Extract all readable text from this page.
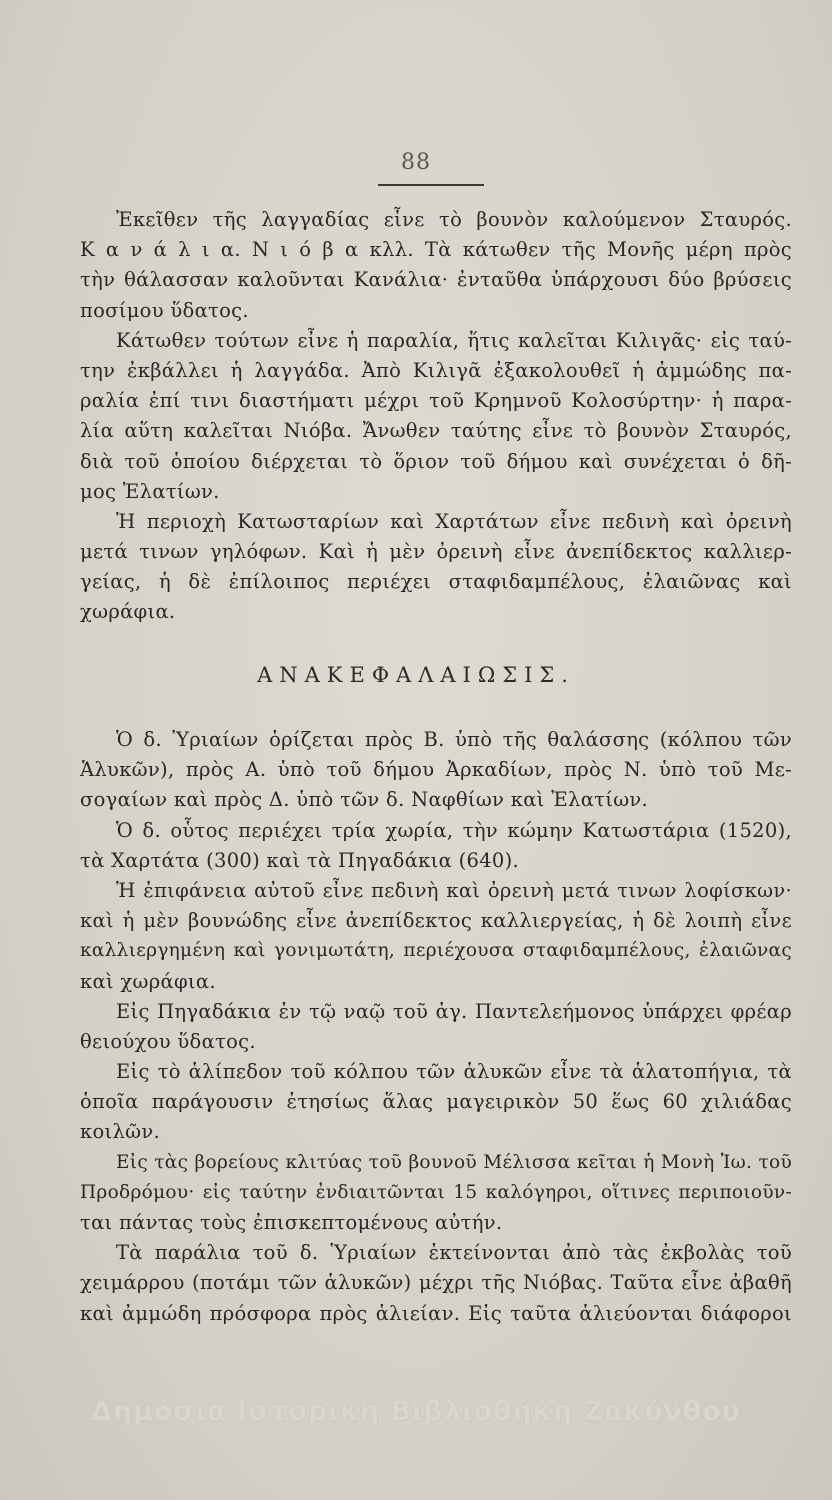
88
Ἐκεῖθεν τῆς λαγγαδίας εἶνε τὸ βουνὸν καλούμενον Σταυρός.
Κ α ν ά λ ι α. Ν ι ό β α κλλ. Τὰ κάτωθεν τῆς Μονῆς μέρη πρὸς
τὴν θάλασσαν καλοῦνται Κανάλια· ἐνταῦθα ὑπάρχουσι δύο βρύσεις
ποσίμου ὕδατος.
Κάτωθεν τούτων εἶνε ἡ παραλία, ἥτις καλεῖται Κιλιγᾶς· εἰς ταύ-
την ἐκβάλλει ἡ λαγγάδα. Ἀπὸ Κιλιγᾶ ἐξακολουθεῖ ἡ ἀμμώδης πα-
ραλία ἐπί τινι διαστήματι μέχρι τοῦ Κρημνοῦ Κολοσύρτην· ἡ παρα-
λία αὕτη καλεῖται Νιόβα. Ἄνωθεν ταύτης εἶνε τὸ βουνὸν Σταυρός,
διὰ τοῦ ὁποίου διέρχεται τὸ ὅριον τοῦ δήμου καὶ συνέχεται ὁ δῆ-
μος Ἐλατίων.
Ἡ περιοχὴ Κατωσταρίων καὶ Χαρτάτων εἶνε πεδινὴ καὶ ὀρεινὴ
μετά τινων γηλόφων. Καὶ ἡ μὲν ὀρεινὴ εἶνε ἀνεπίδεκτος καλλιερ-
γείας, ἡ δὲ ἐπίλοιπος περιέχει σταφιδαμπέλους, ἐλαιῶνας καὶ
χωράφια.
ΑΝΑΚΕΦΑΛΑΙΩΣΙΣ.
Ὁ δ. Ὑριαίων ὁρίζεται πρὸς Β. ὑπὸ τῆς θαλάσσης (κόλπου τῶν
Ἁλυκῶν), πρὸς Α. ὑπὸ τοῦ δήμου Ἀρκαδίων, πρὸς Ν. ὑπὸ τοῦ Με-
σογαίων καὶ πρὸς Δ. ὑπὸ τῶν δ. Ναφθίων καὶ Ἐλατίων.
Ὁ δ. οὗτος περιέχει τρία χωρία, τὴν κώμην Κατωστάρια (1520),
τὰ Χαρτάτα (300) καὶ τὰ Πηγαδάκια (640).
Ἡ ἐπιφάνεια αὐτοῦ εἶνε πεδινὴ καὶ ὀρεινὴ μετά τινων λοφίσκων·
καὶ ἡ μὲν βουνώδης εἶνε ἀνεπίδεκτος καλλιεργείας, ἡ δὲ λοιπὴ εἶνε
καλλιεργημένη καὶ γονιμωτάτη, περιέχουσα σταφιδαμπέλους, ἐλαιῶνας
καὶ χωράφια.
Εἰς Πηγαδάκια ἐν τῷ ναῷ τοῦ ἁγ. Παντελεήμονος ὑπάρχει φρέαρ
θειούχου ὕδατος.
Εἰς τὸ ἁλίπεδον τοῦ κόλπου τῶν ἁλυκῶν εἶνε τὰ ἁλατοπήγια, τὰ
ὁποῖα παράγουσιν ἐτησίως ἅλας μαγειρικὸν 50 ἕως 60 χιλιάδας
κοιλῶν.
Εἰς τὰς βορείους κλιτύας τοῦ βουνοῦ Μέλισσα κεῖται ἡ Μονὴ Ἰω. τοῦ
Προδρόμου· εἰς ταύτην ἐνδιαιτῶνται 15 καλόγηροι, οἵτινες περιποιοῦν-
ται πάντας τοὺς ἐπισκεπτομένους αὐτήν.
Τὰ παράλια τοῦ δ. Ὑριαίων ἐκτείνονται ἀπὸ τὰς ἐκβολὰς τοῦ
χειμάρρου (ποτάμι τῶν ἁλυκῶν) μέχρι τῆς Νιόβας. Ταῦτα εἶνε ἀβαθῆ
καὶ ἀμμώδη πρόσφορα πρὸς ἁλιείαν. Εἰς ταῦτα ἁλιεύονται διάφοροι
Δημόσια Ιστορική Βιβλιοθήκη Ζακύνθου
